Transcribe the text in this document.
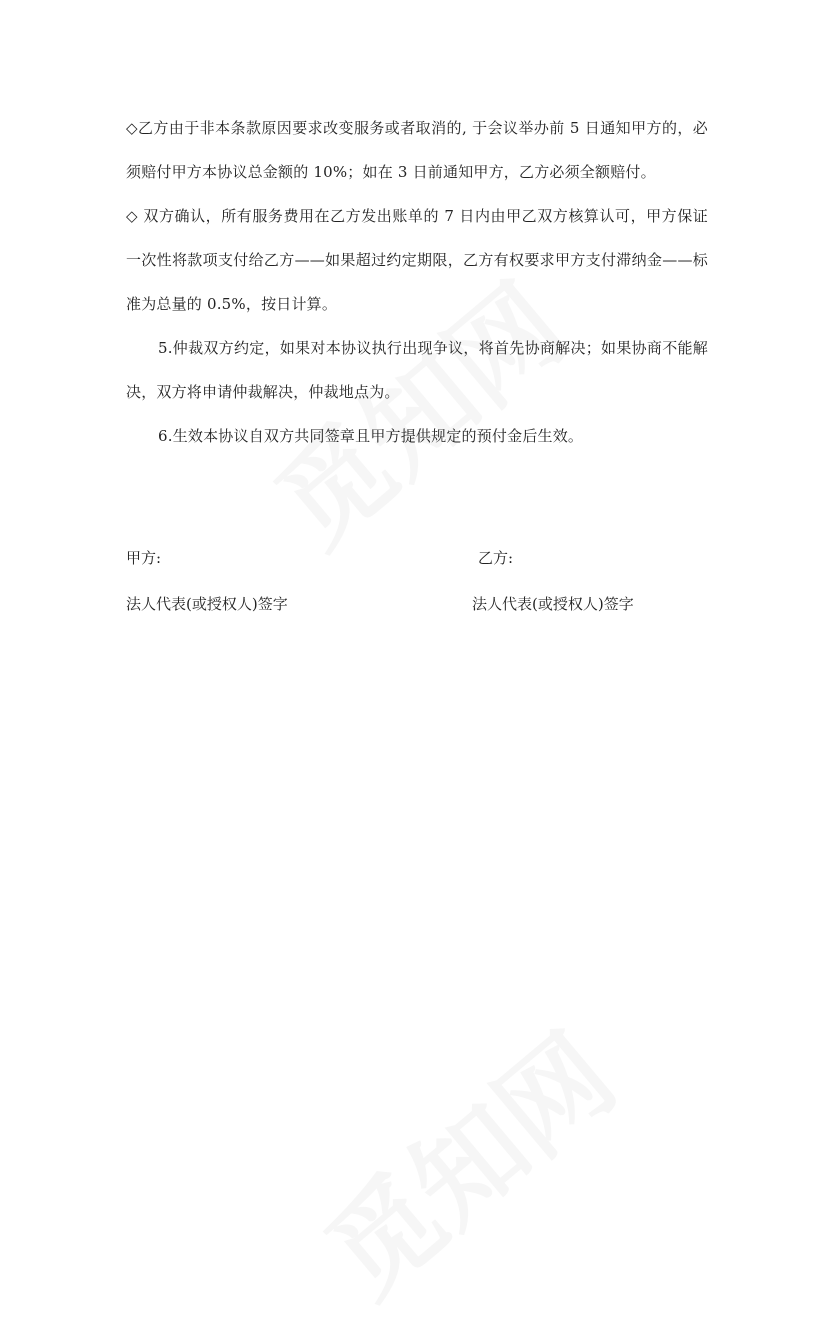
◇乙方由于非本条款原因要求改变服务或者取消的, 于会议举办前 5 日通知甲方的，必须赔付甲方本协议总金额的 10%；如在 3 日前通知甲方，乙方必须全额赔付。

◇ 双方确认，所有服务费用在乙方发出账单的 7 日内由甲乙双方核算认可，甲方保证一次性将款项支付给乙方——如果超过约定期限，乙方有权要求甲方支付滞纳金——标准为总量的 0.5%，按日计算。

5.仲裁双方约定，如果对本协议执行出现争议，将首先协商解决；如果协商不能解决，双方将申请仲裁解决，仲裁地点为。

6.生效本协议自双方共同签章且甲方提供规定的预付金后生效。

甲方:	乙方:
法人代表(或授权人)签字	法人代表(或授权人)签字
